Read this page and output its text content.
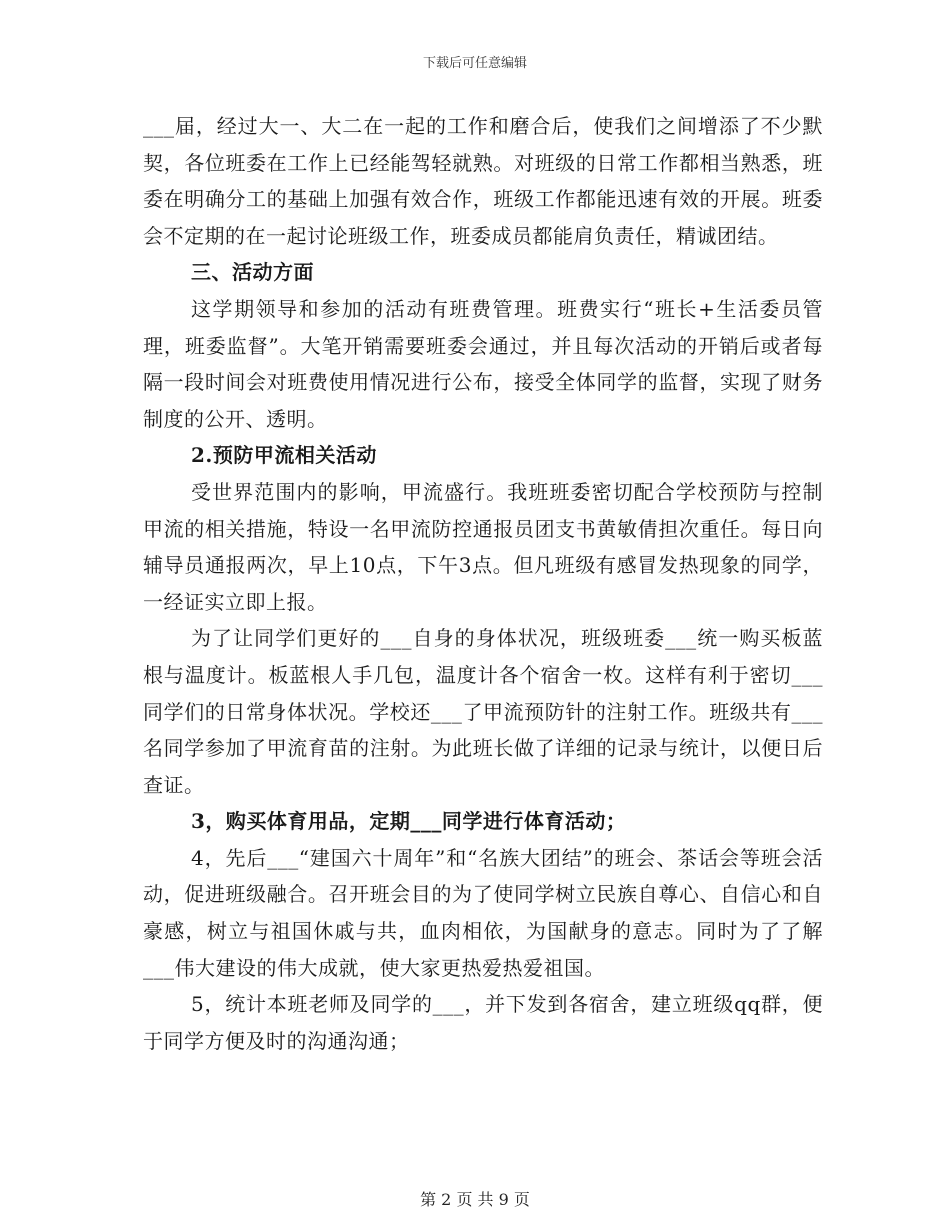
下载后可任意编辑

___届，经过大一、大二在一起的工作和磨合后，使我们之间增添了不少默契，各位班委在工作上已经能驾轻就熟。对班级的日常工作都相当熟悉，班委在明确分工的基础上加强有效合作，班级工作都能迅速有效的开展。班委会不定期的在一起讨论班级工作，班委成员都能肩负责任，精诚团结。

三、活动方面

这学期领导和参加的活动有班费管理。班费实行“班长+生活委员管理，班委监督”。大笔开销需要班委会通过，并且每次活动的开销后或者每隔一段时间会对班费使用情况进行公布，接受全体同学的监督，实现了财务制度的公开、透明。

2.预防甲流相关活动

受世界范围内的影响，甲流盛行。我班班委密切配合学校预防与控制甲流的相关措施，特设一名甲流防控通报员团支书黄敏倩担次重任。每日向辅导员通报两次，早上10点，下午3点。但凡班级有感冒发热现象的同学，一经证实立即上报。

为了让同学们更好的___自身的身体状况，班级班委___统一购买板蓝根与温度计。板蓝根人手几包，温度计各个宿舍一枚。这样有利于密切___同学们的日常身体状况。学校还___了甲流预防针的注射工作。班级共有___名同学参加了甲流育苗的注射。为此班长做了详细的记录与统计，以便日后查证。

3，购买体育用品，定期___同学进行体育活动；

4，先后___“建国六十周年”和“名族大团结”的班会、茶话会等班会活动，促进班级融合。召开班会目的为了使同学树立民族自尊心、自信心和自豪感，树立与祖国休戚与共，血肉相依，为国献身的意志。同时为了了解___伟大建设的伟大成就，使大家更热爱热爱祖国。

5，统计本班老师及同学的___，并下发到各宿舍，建立班级qq群，便于同学方便及时的沟通沟通；

第 2 页 共 9 页
